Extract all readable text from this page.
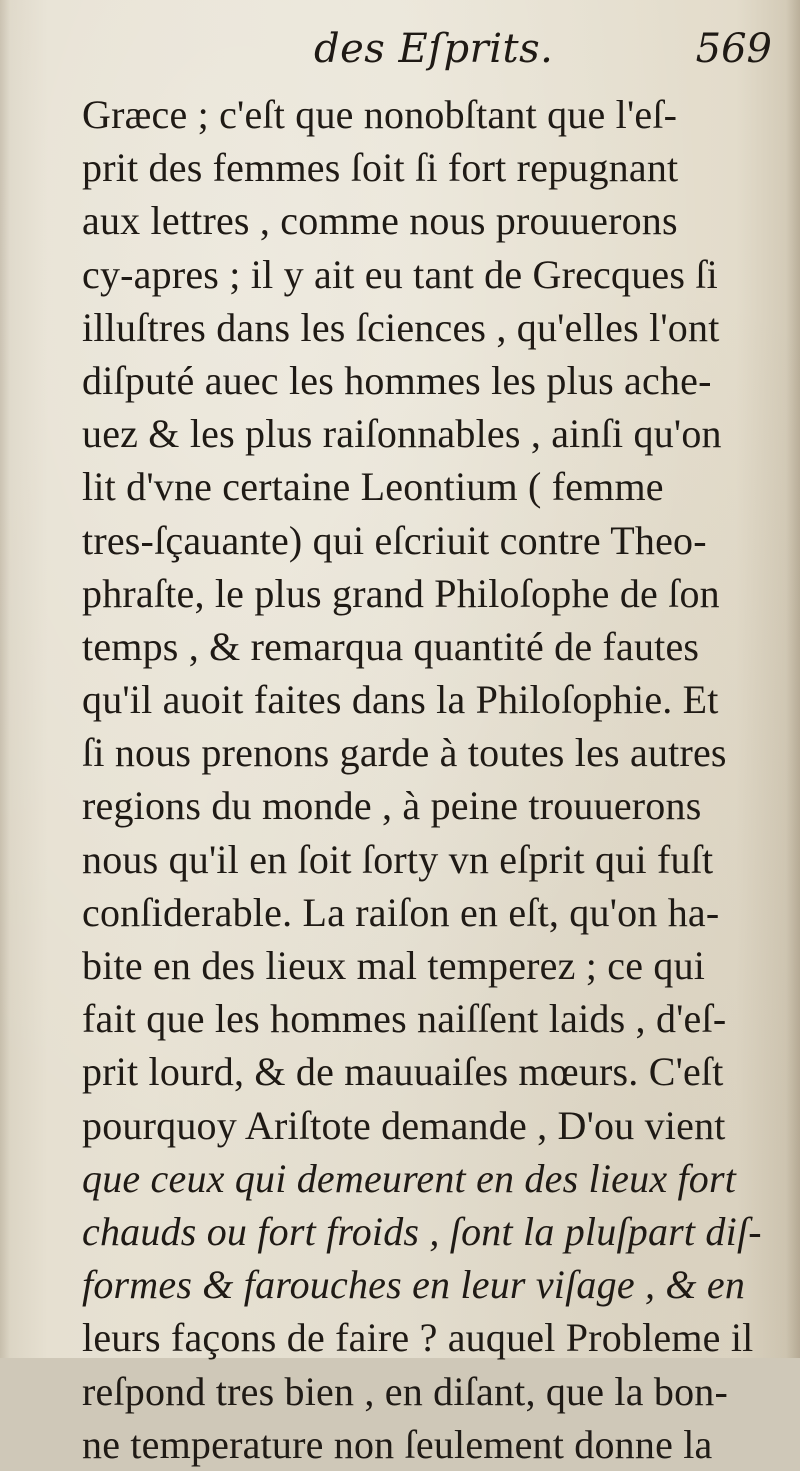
des Eſprits.	569
Græce ; c'eſt que nonobſtant que l'eſ-
prit des femmes ſoit ſi fort repugnant
aux lettres , comme nous prouuerons
cy-apres ; il y ait eu tant de Grecques ſi
illuſtres dans les ſciences , qu'elles l'ont
diſputé auec les hommes les plus ache-
uez & les plus raiſonnables , ainſi qu'on
lit d'vne certaine Leontium ( femme
tres-ſçauante) qui eſcriuit contre Theo-
phraſte, le plus grand Philoſophe de ſon
temps , & remarqua quantité de fautes
qu'il auoit faites dans la Philoſophie. Et
ſi nous prenons garde à toutes les autres
regions du monde , à peine trouuerons
nous qu'il en ſoit ſorty vn eſprit qui fuſt
conſiderable. La raiſon en eſt, qu'on ha-
bite en des lieux mal temperez ; ce qui
fait que les hommes naiſſent laids , d'eſ-
prit lourd, & de mauuaiſes mœurs. C'eſt
pourquoy Ariſtote demande , D'ou vient
que ceux qui demeurent en des lieux fort
chauds ou fort froids , ſont la pluſpart diſ-
formes & farouches en leur viſage , & en
leurs façons de faire ? auquel Probleme il
reſpond tres bien , en diſant, que la bon-
ne temperature non ſeulement donne la
